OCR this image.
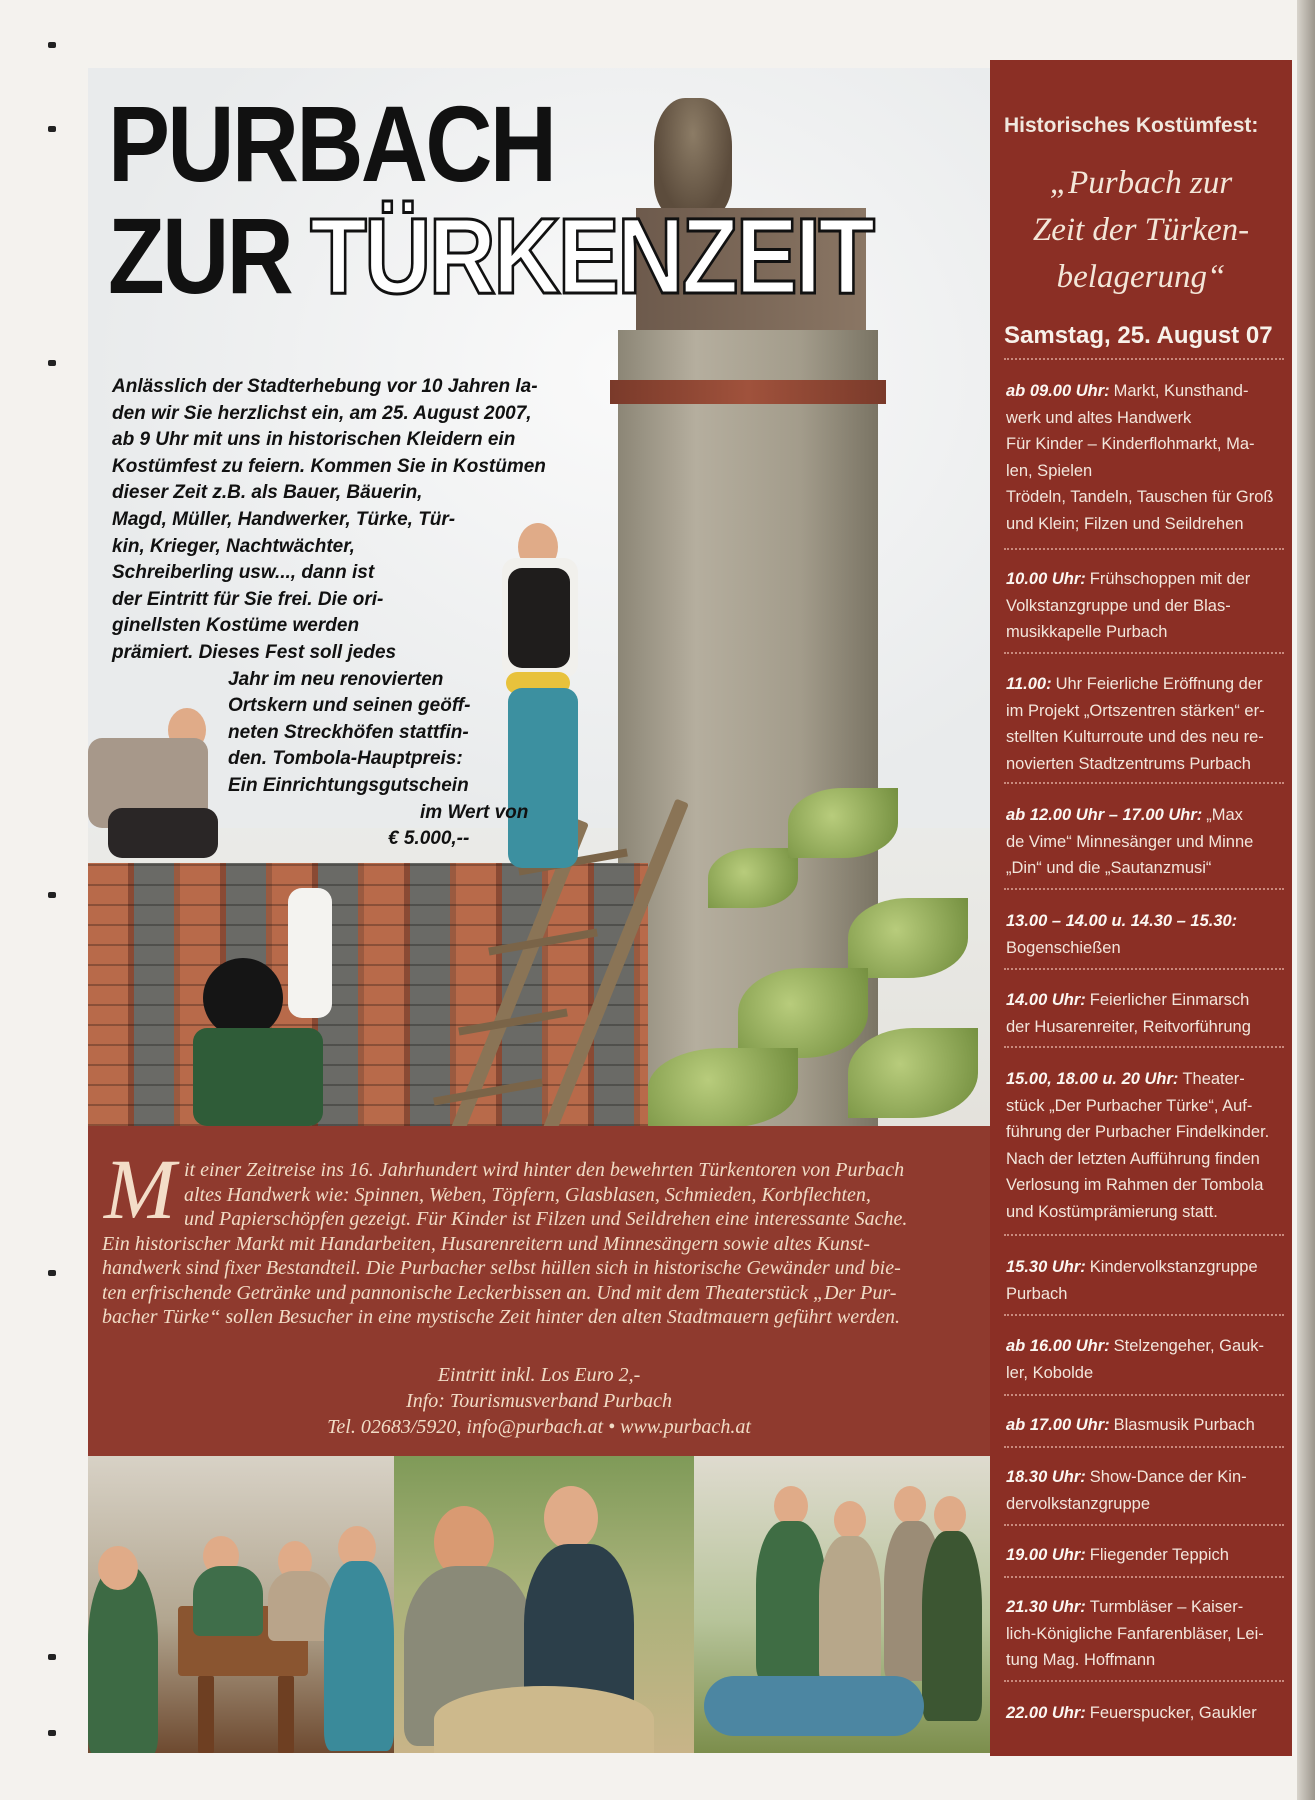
PURBACH
ZUR TÜRKENZEIT
Anlässlich der Stadterhebung vor 10 Jahren la-
den wir Sie herzlichst ein, am 25. August 2007,
ab 9 Uhr mit uns in historischen Kleidern ein
Kostümfest zu feiern. Kommen Sie in Kostümen
dieser Zeit z.B. als Bauer, Bäuerin,
Magd, Müller, Handwerker, Türke, Tür-
kin, Krieger, Nachtwächter,
Schreiberling usw..., dann ist
der Eintritt für Sie frei. Die ori-
ginellsten Kostüme werden
prämiert. Dieses Fest soll jedes
Jahr im neu renovierten
Ortskern und seinen geöff-
neten Streckhöfen stattfin-
den. Tombola-Hauptpreis:
Ein Einrichtungsgutschein
im Wert von
€ 5.000,--
M it einer Zeitreise ins 16. Jahrhundert wird hinter den bewehrten Türkentoren von Purbach
altes Handwerk wie: Spinnen, Weben, Töpfern, Glasblasen, Schmieden, Korbflechten,
und Papierschöpfen gezeigt. Für Kinder ist Filzen und Seildrehen eine interessante Sache.
Ein historischer Markt mit Handarbeiten, Husarenreitern und Minnesängern sowie altes Kunst-
handwerk sind fixer Bestandteil. Die Purbacher selbst hüllen sich in historische Gewänder und bie-
ten erfrischende Getränke und pannonische Leckerbissen an. Und mit dem Theaterstück „Der Pur-
bacher Türke“ sollen Besucher in eine mystische Zeit hinter den alten Stadtmauern geführt werden.
Eintritt inkl. Los Euro 2,-
Info: Tourismusverband Purbach
Tel. 02683/5920, info@purbach.at • www.purbach.at
Historisches Kostümfest:
„Purbach zur
Zeit der Türken-
belagerung“
Samstag, 25. August 07
ab 09.00 Uhr: Markt, Kunsthand-
werk und altes Handwerk
Für Kinder – Kinderflohmarkt, Ma-
len, Spielen
Trödeln, Tandeln, Tauschen für Groß
und Klein; Filzen und Seildrehen
10.00 Uhr: Frühschoppen mit der
Volkstanzgruppe und der Blas-
musikkapelle Purbach
11.00: Uhr Feierliche Eröffnung der
im Projekt „Ortszentren stärken“ er-
stellten Kulturroute und des neu re-
novierten Stadtzentrums Purbach
ab 12.00 Uhr – 17.00 Uhr: „Max
de Vime“ Minnesänger und Minne
„Din“ und die „Sautanzmusi“
13.00 – 14.00 u. 14.30 – 15.30:
Bogenschießen
14.00 Uhr: Feierlicher Einmarsch
der Husarenreiter, Reitvorführung
15.00, 18.00 u. 20 Uhr: Theater-
stück „Der Purbacher Türke“, Auf-
führung der Purbacher Findelkinder.
Nach der letzten Aufführung finden
Verlosung im Rahmen der Tombola
und Kostümprämierung statt.
15.30 Uhr: Kindervolkstanzgruppe
Purbach
ab 16.00 Uhr: Stelzengeher, Gauk-
ler, Kobolde
ab 17.00 Uhr: Blasmusik Purbach
18.30 Uhr: Show-Dance der Kin-
dervolkstanzgruppe
19.00 Uhr: Fliegender Teppich
21.30 Uhr: Turmbläser – Kaiser-
lich-Königliche Fanfarenbläser, Lei-
tung Mag. Hoffmann
22.00 Uhr: Feuerspucker, Gaukler
